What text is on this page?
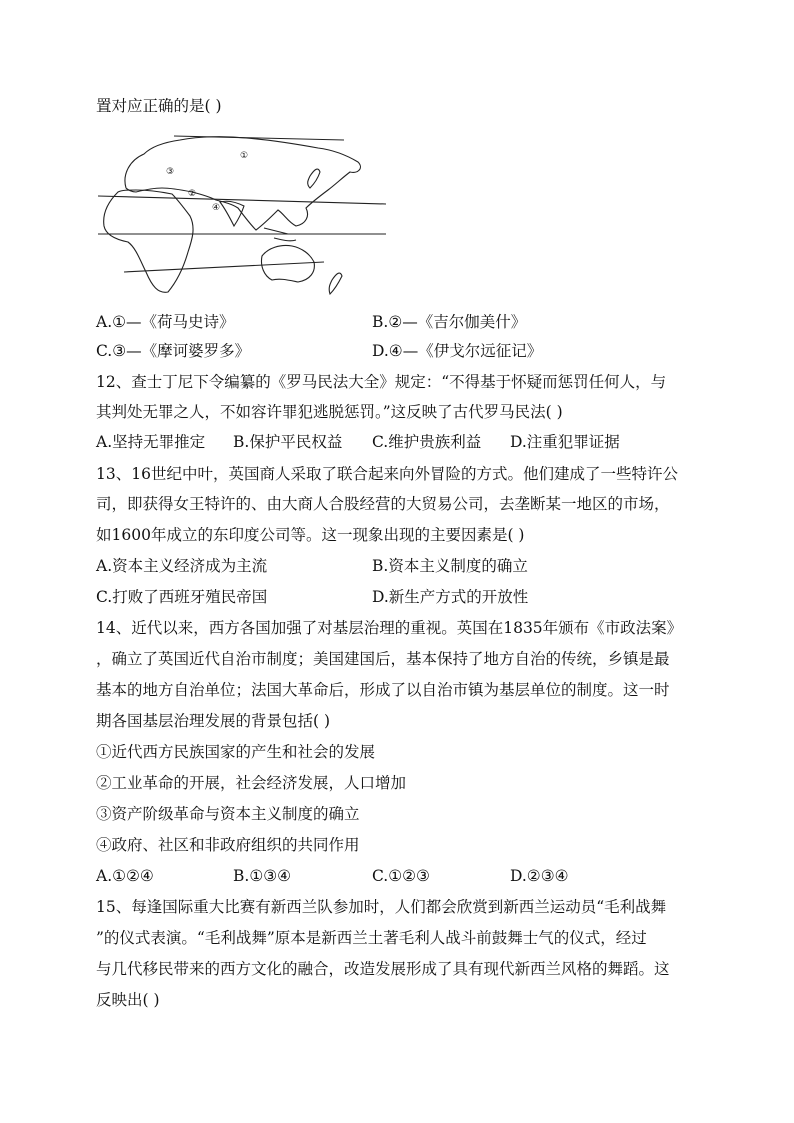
置对应正确的是( )
①
②
③
④
A.①—《荷马史诗》	B.②—《吉尔伽美什》
C.③—《摩诃婆罗多》	D.④—《伊戈尔远征记》
12、查士丁尼下令编纂的《罗马民法大全》规定：“不得基于怀疑而惩罚任何人，与
其判处无罪之人，不如容许罪犯逃脱惩罚。”这反映了古代罗马民法( )
A.坚持无罪推定 B.保护平民权益 C.维护贵族利益 D.注重犯罪证据
13、16世纪中叶，英国商人采取了联合起来向外冒险的方式。他们建成了一些特许公
司，即获得女王特许的、由大商人合股经营的大贸易公司，去垄断某一地区的市场，
如1600年成立的东印度公司等。这一现象出现的主要因素是( )
A.资本主义经济成为主流	B.资本主义制度的确立
C.打败了西班牙殖民帝国	D.新生产方式的开放性
14、近代以来，西方各国加强了对基层治理的重视。英国在1835年颁布《市政法案》
，确立了英国近代自治市制度；美国建国后，基本保持了地方自治的传统，乡镇是最
基本的地方自治单位；法国大革命后，形成了以自治市镇为基层单位的制度。这一时
期各国基层治理发展的背景包括( )
①近代西方民族国家的产生和社会的发展
②工业革命的开展，社会经济发展，人口增加
③资产阶级革命与资本主义制度的确立
④政府、社区和非政府组织的共同作用
A.①②④	B.①③④	C.①②③	D.②③④
15、每逢国际重大比赛有新西兰队参加时，人们都会欣赏到新西兰运动员“毛利战舞
”的仪式表演。“毛利战舞”原本是新西兰土著毛利人战斗前鼓舞士气的仪式，经过
与几代移民带来的西方文化的融合，改造发展形成了具有现代新西兰风格的舞蹈。这
反映出( )
